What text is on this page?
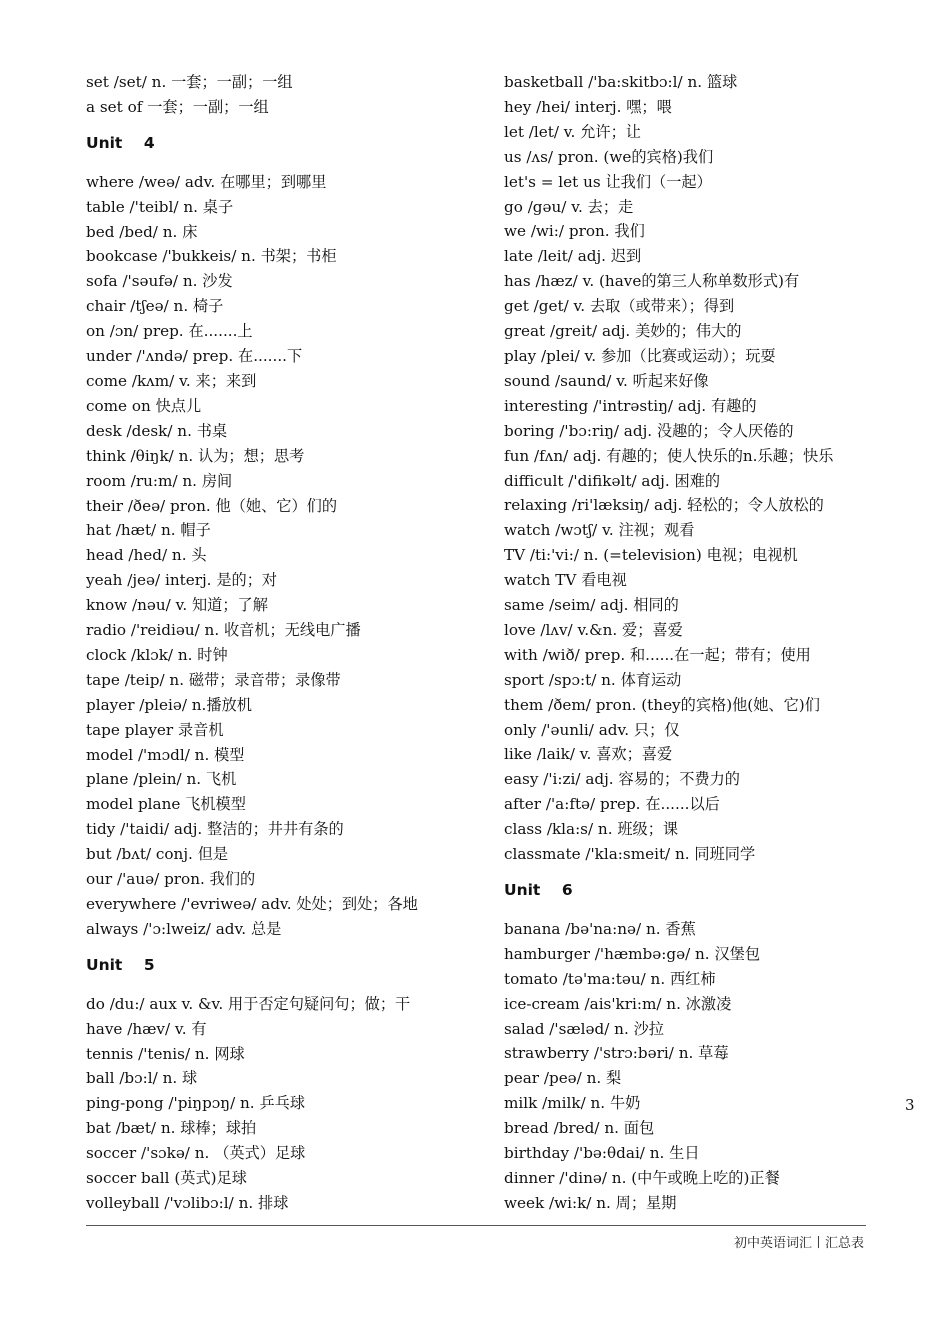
set /set/ n. 一套；一副；一组
a set of 一套；一副；一组
Unit    4
where /weə/ adv. 在哪里；到哪里
table /'teibl/ n. 桌子
bed /bed/ n. 床
bookcase /'bukkeis/ n. 书架；书柜
sofa /'səufə/ n. 沙发
chair /tʃeə/ n. 椅子
on /ɔn/ prep. 在.......上
under /'ʌndə/ prep. 在.......下
come /kʌm/ v. 来；来到
come on 快点儿
desk /desk/ n. 书桌
think /θiŋk/ n. 认为；想；思考
room /ru:m/ n. 房间
their /ðeə/ pron. 他（她、它）们的
hat /hæt/ n. 帽子
head /hed/ n. 头
yeah /jeə/ interj. 是的；对
know /nəu/ v. 知道；了解
radio /'reidiəu/ n. 收音机；无线电广播
clock /klɔk/ n. 时钟
tape /teip/ n. 磁带；录音带；录像带
player /pleiə/ n.播放机
tape player 录音机
model /'mɔdl/ n. 模型
plane /plein/ n. 飞机
model plane 飞机模型
tidy /'taidi/ adj. 整洁的；井井有条的
but /bʌt/ conj. 但是
our /'auə/ pron. 我们的
everywhere /'evriweə/ adv. 处处；到处；各地
always /'ɔ:lweiz/ adv. 总是
Unit    5
do /du:/ aux v. &v. 用于否定句疑问句；做；干
have /hæv/ v. 有
tennis /'tenis/ n. 网球
ball /bɔ:l/ n. 球
ping-pong /'piŋpɔŋ/ n. 乒乓球
bat /bæt/ n. 球棒；球拍
soccer /'sɔkə/ n. （英式）足球
soccer ball (英式)足球
volleyball /'vɔlibɔ:l/ n. 排球
basketball /'ba:skitbɔ:l/ n. 篮球
hey /hei/ interj. 嘿；喂
let /let/ v. 允许；让
us /ʌs/ pron. (we的宾格)我们
let's = let us 让我们（一起）
go /gəu/ v. 去；走
we /wi:/ pron. 我们
late /leit/ adj. 迟到
has /hæz/ v. (have的第三人称单数形式)有
get /get/ v. 去取（或带来）；得到
great /greit/ adj. 美妙的；伟大的
play /plei/ v. 参加（比赛或运动）；玩耍
sound /saund/ v. 听起来好像
interesting /'intrəstiŋ/ adj. 有趣的
boring /'bɔ:riŋ/ adj. 没趣的；令人厌倦的
fun /fʌn/ adj. 有趣的；使人快乐的n.乐趣；快乐
difficult /'difikəlt/ adj. 困难的
relaxing /ri'læksiŋ/ adj. 轻松的；令人放松的
watch /wɔtʃ/ v. 注视；观看
TV /ti:'vi:/ n. (=television) 电视；电视机
watch TV 看电视
same /seim/ adj. 相同的
love /lʌv/ v.&n. 爱；喜爱
with /wið/ prep. 和......在一起；带有；使用
sport /spɔ:t/ n. 体育运动
them /ðem/ pron. (they的宾格)他(她、它)们
only /'əunli/ adv. 只；仅
like /laik/ v. 喜欢；喜爱
easy /'i:zi/ adj. 容易的；不费力的
after /'a:ftə/ prep. 在......以后
class /kla:s/ n. 班级；课
classmate /'kla:smeit/ n. 同班同学
Unit    6
banana /bə'na:nə/ n. 香蕉
hamburger /'hæmbə:gə/ n. 汉堡包
tomato /tə'ma:təu/ n. 西红柿
ice-cream /ais'kri:m/ n. 冰激凌
salad /'sæləd/ n. 沙拉
strawberry /'strɔ:bəri/ n. 草莓
pear /peə/ n. 梨
milk /milk/ n. 牛奶
bread /bred/ n. 面包
birthday /'bə:θdai/ n. 生日
dinner /'dinə/ n. (中午或晚上吃的)正餐
week /wi:k/ n. 周；星期
3
初中英语词汇丨汇总表
